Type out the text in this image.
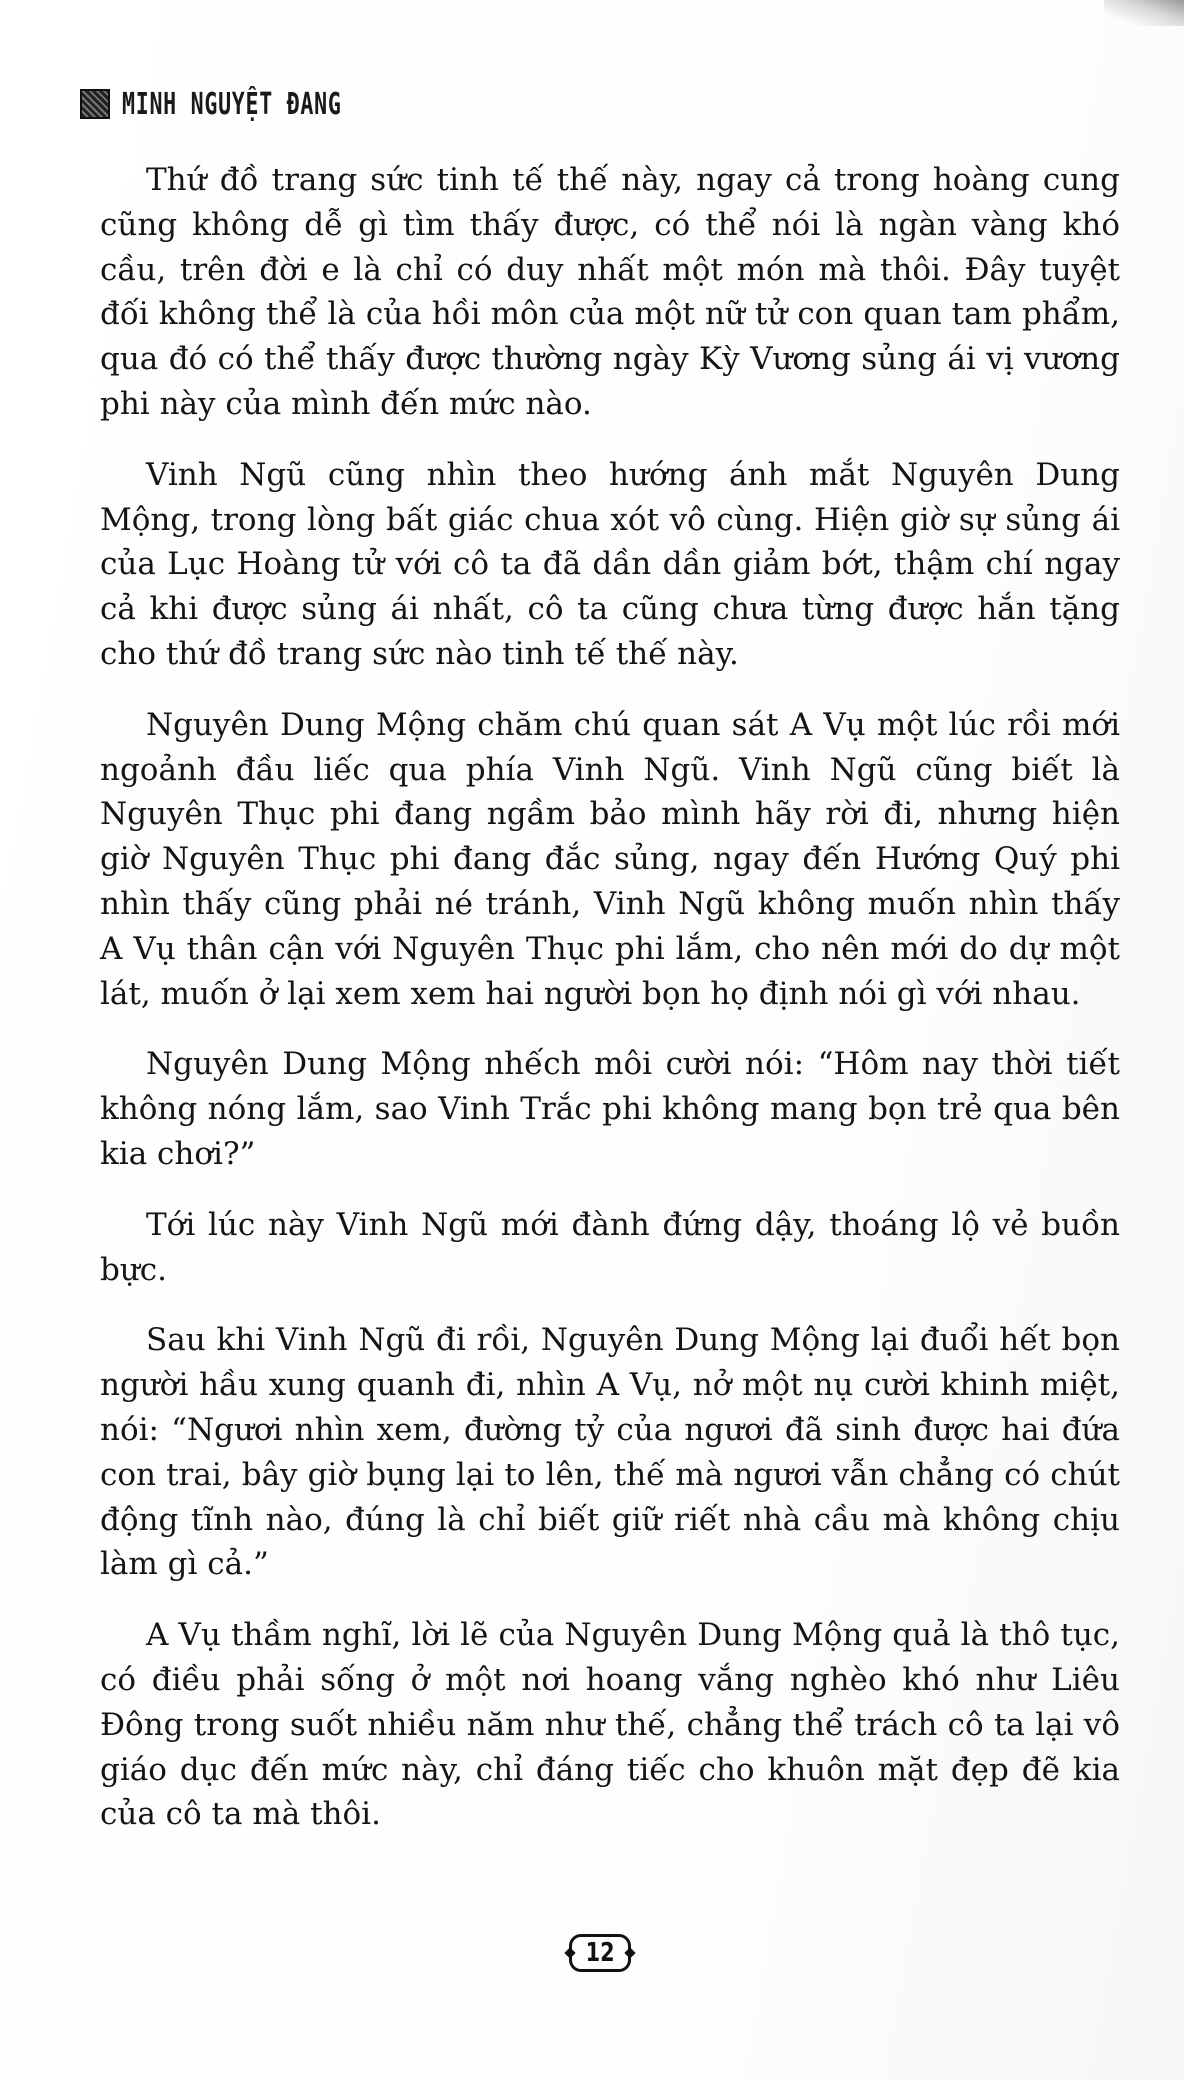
MINH NGUYỆT ĐANG

Thứ đồ trang sức tinh tế thế này, ngay cả trong hoàng cung cũng không dễ gì tìm thấy được, có thể nói là ngàn vàng khó cầu, trên đời e là chỉ có duy nhất một món mà thôi. Đây tuyệt đối không thể là của hồi môn của một nữ tử con quan tam phẩm, qua đó có thể thấy được thường ngày Kỳ Vương sủng ái vị vương phi này của mình đến mức nào.

Vinh Ngũ cũng nhìn theo hướng ánh mắt Nguyên Dung Mộng, trong lòng bất giác chua xót vô cùng. Hiện giờ sự sủng ái của Lục Hoàng tử với cô ta đã dần dần giảm bớt, thậm chí ngay cả khi được sủng ái nhất, cô ta cũng chưa từng được hắn tặng cho thứ đồ trang sức nào tinh tế thế này.

Nguyên Dung Mộng chăm chú quan sát A Vụ một lúc rồi mới ngoảnh đầu liếc qua phía Vinh Ngũ. Vinh Ngũ cũng biết là Nguyên Thục phi đang ngầm bảo mình hãy rời đi, nhưng hiện giờ Nguyên Thục phi đang đắc sủng, ngay đến Hướng Quý phi nhìn thấy cũng phải né tránh, Vinh Ngũ không muốn nhìn thấy A Vụ thân cận với Nguyên Thục phi lắm, cho nên mới do dự một lát, muốn ở lại xem xem hai người bọn họ định nói gì với nhau.

Nguyên Dung Mộng nhếch môi cười nói: “Hôm nay thời tiết không nóng lắm, sao Vinh Trắc phi không mang bọn trẻ qua bên kia chơi?”

Tới lúc này Vinh Ngũ mới đành đứng dậy, thoáng lộ vẻ buồn bực.

Sau khi Vinh Ngũ đi rồi, Nguyên Dung Mộng lại đuổi hết bọn người hầu xung quanh đi, nhìn A Vụ, nở một nụ cười khinh miệt, nói: “Ngươi nhìn xem, đường tỷ của ngươi đã sinh được hai đứa con trai, bây giờ bụng lại to lên, thế mà ngươi vẫn chẳng có chút động tĩnh nào, đúng là chỉ biết giữ riết nhà cầu mà không chịu làm gì cả.”

A Vụ thầm nghĩ, lời lẽ của Nguyên Dung Mộng quả là thô tục, có điều phải sống ở một nơi hoang vắng nghèo khó như Liêu Đông trong suốt nhiều năm như thế, chẳng thể trách cô ta lại vô giáo dục đến mức này, chỉ đáng tiếc cho khuôn mặt đẹp đẽ kia của cô ta mà thôi.

12
